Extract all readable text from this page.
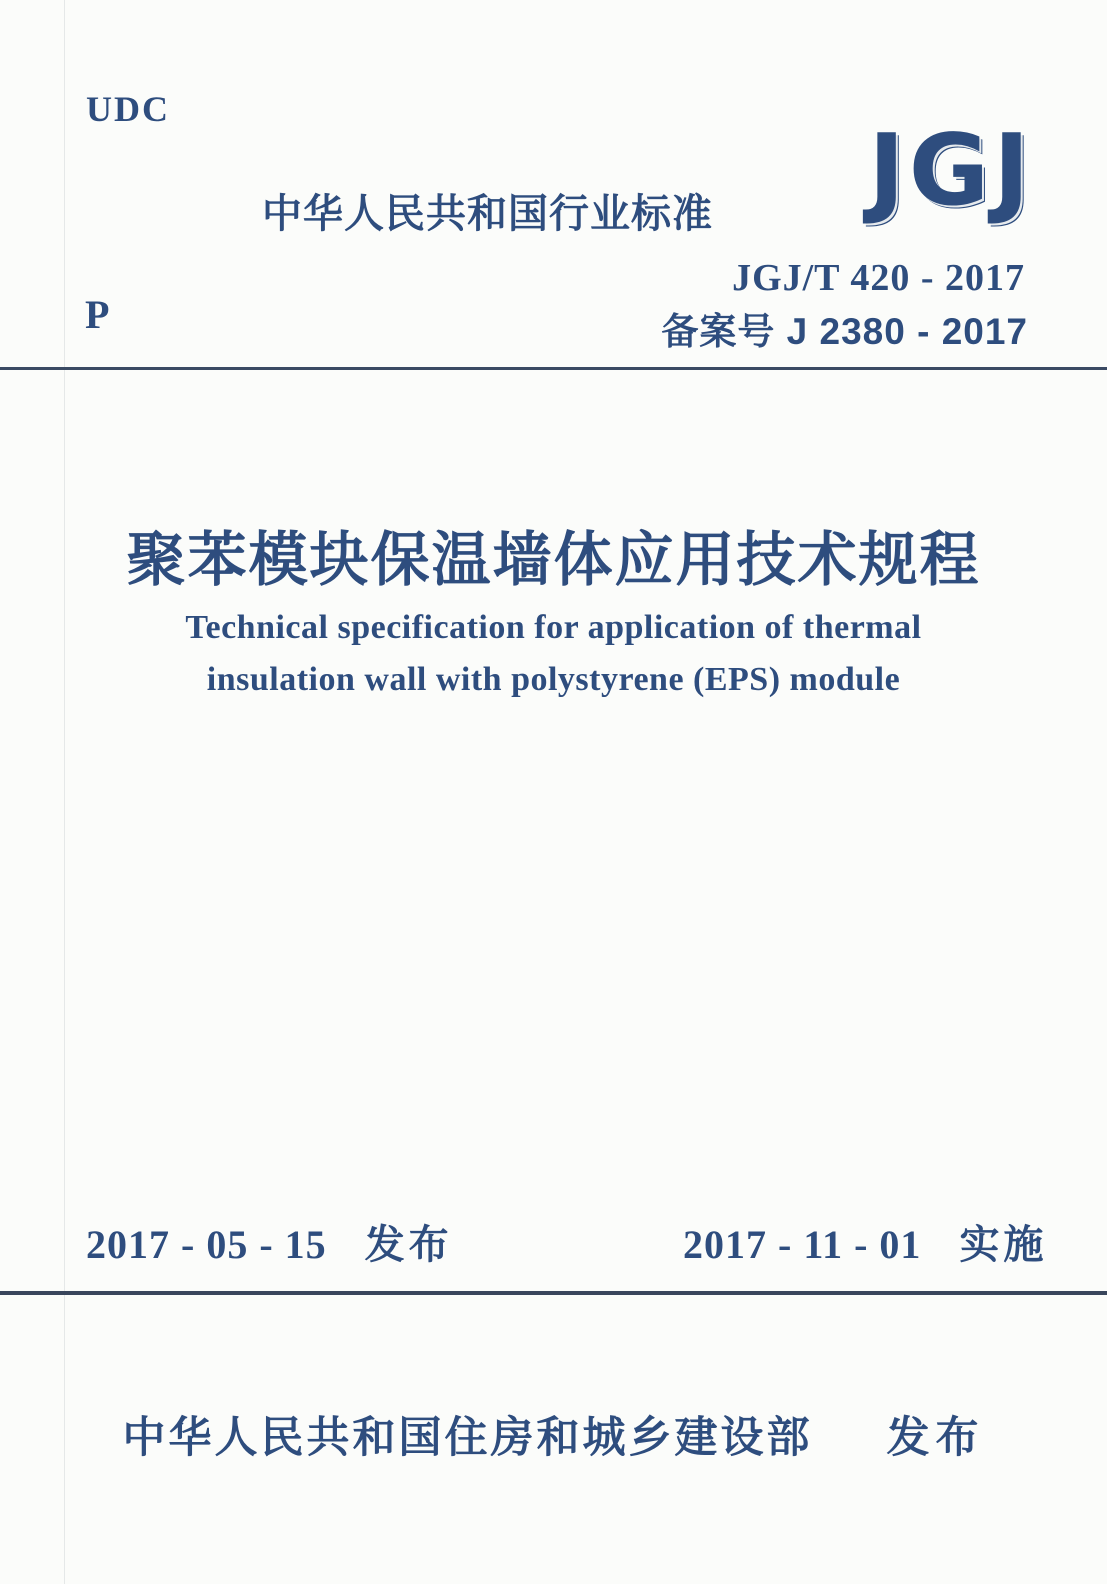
UDC
中华人民共和国行业标准	JGJ
JGJ/T 420 - 2017
备案号 J 2380 - 2017
P
聚苯模块保温墙体应用技术规程
Technical specification for application of thermal
insulation wall with polystyrene (EPS) module
2017 - 05 - 15 发布	2017 - 11 - 01 实施
中华人民共和国住房和城乡建设部 发布
